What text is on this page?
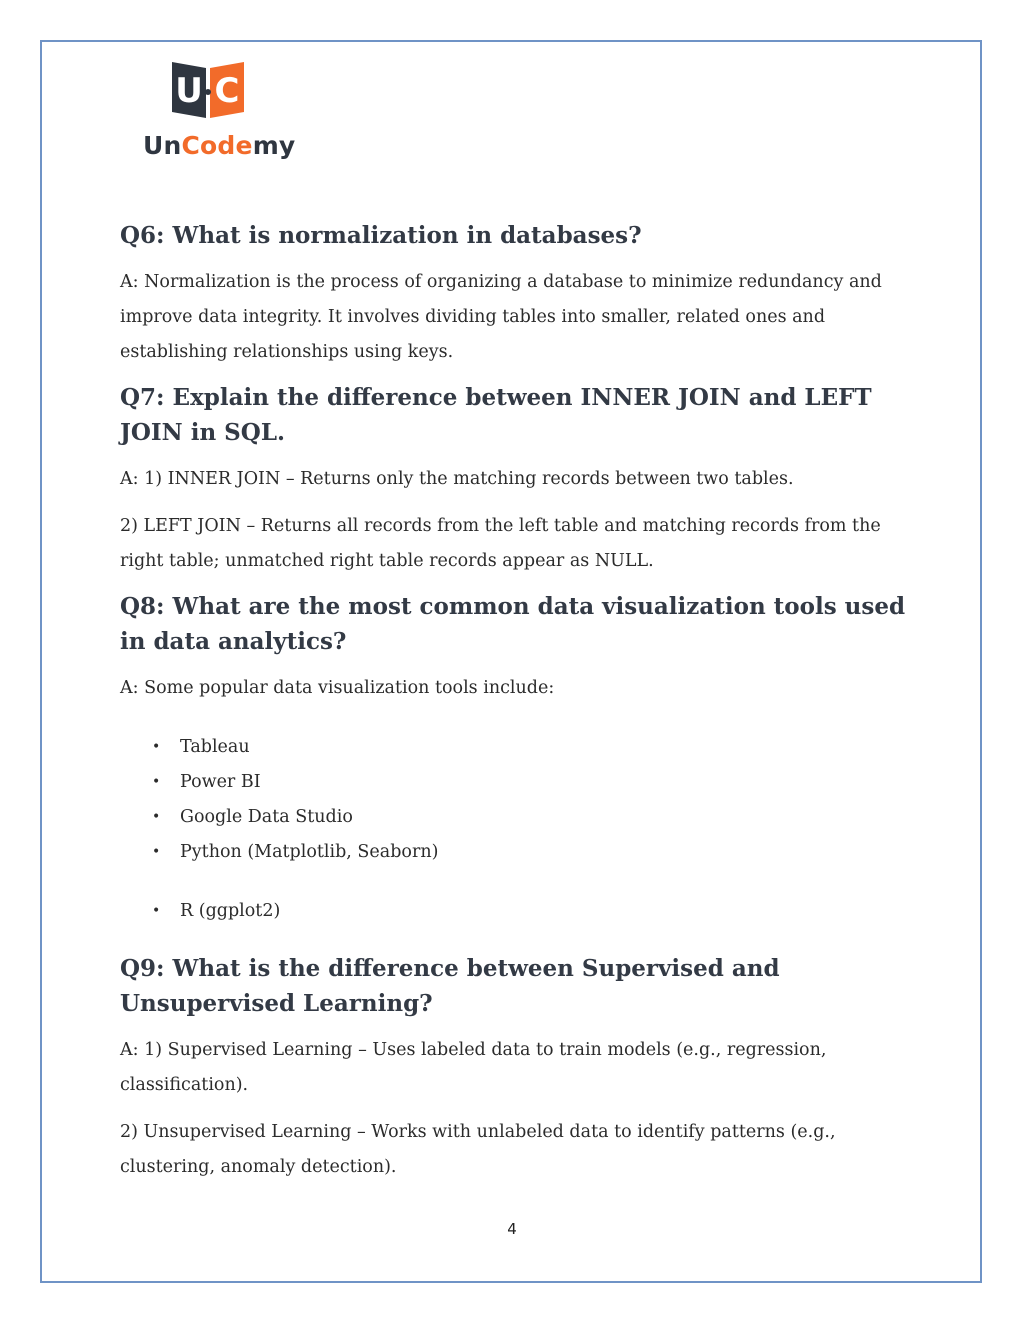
U C
UnCodemy
Q6: What is normalization in databases?

A: Normalization is the process of organizing a database to minimize redundancy and improve data integrity. It involves dividing tables into smaller, related ones and establishing relationships using keys.

Q7: Explain the difference between INNER JOIN and LEFT JOIN in SQL.

A: 1) INNER JOIN – Returns only the matching records between two tables.

2) LEFT JOIN – Returns all records from the left table and matching records from the right table; unmatched right table records appear as NULL.

Q8: What are the most common data visualization tools used in data analytics?

A: Some popular data visualization tools include:

• Tableau
• Power BI
• Google Data Studio
• Python (Matplotlib, Seaborn)
• R (ggplot2)
Q9: What is the difference between Supervised and Unsupervised Learning?

A: 1) Supervised Learning – Uses labeled data to train models (e.g., regression, classification).

2) Unsupervised Learning – Works with unlabeled data to identify patterns (e.g., clustering, anomaly detection).

4
